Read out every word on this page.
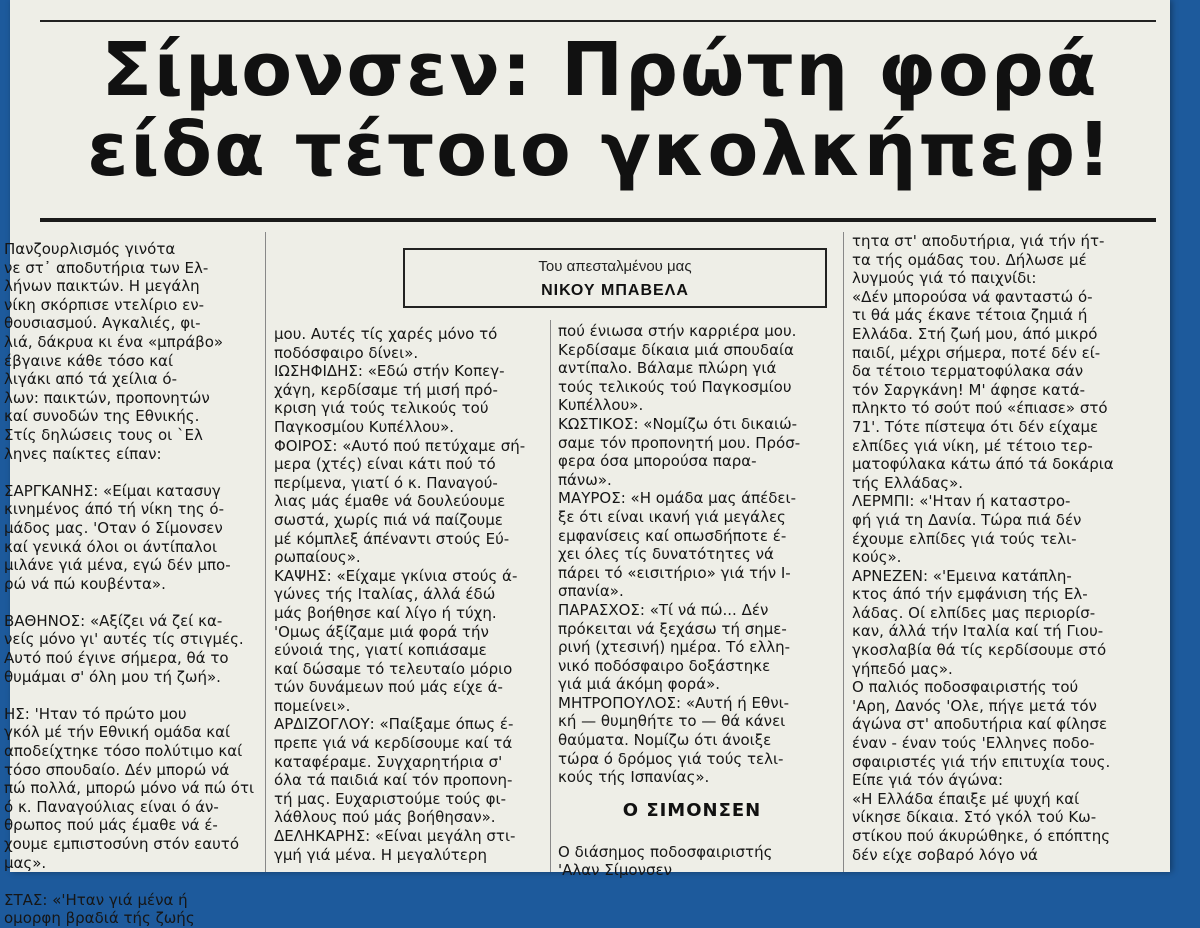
Σίμονσεν: Πρώτη φορά
είδα τέτοιο γκολκήπερ!
Πανζουρλισμός γινότα
νε στ᾽ αποδυτήρια των Ελ-
λήνων παικτών. Η μεγάλη
νίκη σκόρπισε ντελίριο εν-
θουσιασμού. Αγκαλιές, φι-
λιά, δάκρυα κι ένα «μπράβο»
έβγαινε κάθε τόσο καί
λιγάκι από τά χείλια ό-
λων: παικτών, προπονητών
καί συνοδών της Εθνικής.
Στίς δηλώσεις τους οι `Ελ
ληνες παίκτες είπαν:

ΣΑΡΓΚΑΝΗΣ: «Είμαι κατασυγ
κινημένος άπό τή νίκη της ό-
μάδος μας. 'Οταν ό Σίμονσεν
καί γενικά όλοι οι άντίπαλοι
μιλάνε γιά μένα, εγώ δέν μπο-
ρώ νά πώ κουβέντα».

ΒΑΘΗΝΟΣ: «Αξίζει νά ζεί κα-
νείς μόνο γι' αυτές τίς στιγμές.
Αυτό πού έγινε σήμερα, θά το
θυμάμαι σ' όλη μου τή ζωή».

ΗΣ: 'Ηταν τό πρώτο μου
γκόλ μέ τήν Εθνική ομάδα καί
αποδείχτηκε τόσο πολύτιμο καί
τόσο σπουδαίο. Δέν μπορώ νά
πώ πολλά, μπορώ μόνο νά πώ ότι
ό κ. Παναγούλιας είναι ό άν-
θρωπος πού μάς έμαθε νά έ-
χουμε εμπιστοσύνη στόν εαυτό
μας».

ΣΤΑΣ: «'Ηταν γιά μένα ή
ομορφη βραδιά τής ζωής
Του απεσταλμένου μας
ΝΙΚΟΥ ΜΠΑΒΕΛΑ
μου. Αυτές τίς χαρές μόνο τό
ποδόσφαιρο δίνει».
ΙΩΣΗΦΙΔΗΣ: «Εδώ στήν Κοπεγ-
χάγη, κερδίσαμε τή μισή πρό-
κριση γιά τούς τελικούς τού
Παγκοσμίου Κυπέλλου».
ΦΟΙΡΟΣ: «Αυτό πού πετύχαμε σή-
μερα (χτές) είναι κάτι πού τό
περίμενα, γιατί ό κ. Παναγού-
λιας μάς έμαθε νά δουλεύουμε
σωστά, χωρίς πιά νά παίζουμε
μέ κόμπλεξ άπέναντι στούς Εύ-
ρωπαίους».
ΚΑΨΗΣ: «Είχαμε γκίνια στούς ά-
γώνες τής Ιταλίας, άλλά έδώ
μάς βοήθησε καί λίγο ή τύχη.
'Ομως άξίζαμε μιά φορά τήν
εύνοιά της, γιατί κοπιάσαμε
καί δώσαμε τό τελευταίο μόριο
τών δυνάμεων πού μάς είχε ά-
πομείνει».
ΑΡΔΙΖΟΓΛΟΥ: «Παίξαμε όπως έ-
πρεπε γιά νά κερδίσουμε καί τά
καταφέραμε. Συγχαρητήρια σ'
όλα τά παιδιά καί τόν προπονη-
τή μας. Ευχαριστούμε τούς φι-
λάθλους πού μάς βοήθησαν».
ΔΕΛΗΚΑΡΗΣ: «Είναι μεγάλη στι-
γμή γιά μένα. Η μεγαλύτερη
πού ένιωσα στήν καρριέρα μου.
Κερδίσαμε δίκαια μιά σπουδαία
αντίπαλο. Βάλαμε πλώρη γιά
τούς τελικούς τού Παγκοσμίου
Κυπέλλου».
ΚΩΣΤΙΚΟΣ: «Νομίζω ότι δικαιώ-
σαμε τόν προπονητή μου. Πρόσ-
φερα όσα μπορούσα παρα-
πάνω».
ΜΑΥΡΟΣ: «Η ομάδα μας άπέδει-
ξε ότι είναι ικανή γιά μεγάλες
εμφανίσεις καί οπωσδήποτε έ-
χει όλες τίς δυνατότητες νά
πάρει τό «εισιτήριο» γιά τήν Ι-
σπανία».
ΠΑΡΑΣΧΟΣ: «Τί νά πώ... Δέν
πρόκειται νά ξεχάσω τή σημε-
ρινή (χτεσινή) ημέρα. Τό ελλη-
νικό ποδόσφαιρο δοξάστηκε
γιά μιά άκόμη φορά».
ΜΗΤΡΟΠΟΥΛΟΣ: «Αυτή ή Εθνι-
κή — θυμηθήτε το — θά κάνει
θαύματα. Νομίζω ότι άνοιξε
τώρα ό δρόμος γιά τούς τελι-
κούς τής Ισπανίας».

Ο διάσημος ποδοσφαιριστής
'Αλαν Σίμονσεν
Ο ΣΙΜΟΝΣΕΝ
τητα στ' αποδυτήρια, γιά τήν ήτ-
τα τής ομάδας του. Δήλωσε μέ
λυγμούς γιά τό παιχνίδι:
«Δέν μπορούσα νά φανταστώ ό-
τι θά μάς έκανε τέτοια ζημιά ή
Ελλάδα. Στή ζωή μου, άπό μικρό
παιδί, μέχρι σήμερα, ποτέ δέν εί-
δα τέτοιο τερματοφύλακα σάν
τόν Σαργκάνη! Μ' άφησε κατά-
πληκτο τό σούτ πού «έπιασε» στό
71'. Τότε πίστεψα ότι δέν είχαμε
ελπίδες γιά νίκη, μέ τέτοιο τερ-
ματοφύλακα κάτω άπό τά δοκάρια
τής Ελλάδας».
ΛΕΡΜΠΙ: «'Ηταν ή καταστρο-
φή γιά τη Δανία. Τώρα πιά δέν
έχουμε ελπίδες γιά τούς τελι-
κούς».
ΑΡΝΕΖΕΝ: «'Εμεινα κατάπλη-
κτος άπό τήν εμφάνιση τής Ελ-
λάδας. Οί ελπίδες μας περιορίσ-
καν, άλλά τήν Ιταλία καί τή Γιου-
γκοσλαβία θά τίς κερδίσουμε στό
γήπεδό μας».
Ο παλιός ποδοσφαιριστής τού
'Αρη, Δανός 'Ολε, πήγε μετά τόν
άγώνα στ' αποδυτήρια καί φίλησε
έναν - έναν τούς 'Ελληνες ποδο-
σφαιριστές γιά τήν επιτυχία τους.
Είπε γιά τόν άγώνα:
«Η Ελλάδα έπαιξε μέ ψυχή καί
νίκησε δίκαια. Στό γκόλ τού Κω-
στίκου πού άκυρώθηκε, ό επόπτης
δέν είχε σοβαρό λόγο νά
